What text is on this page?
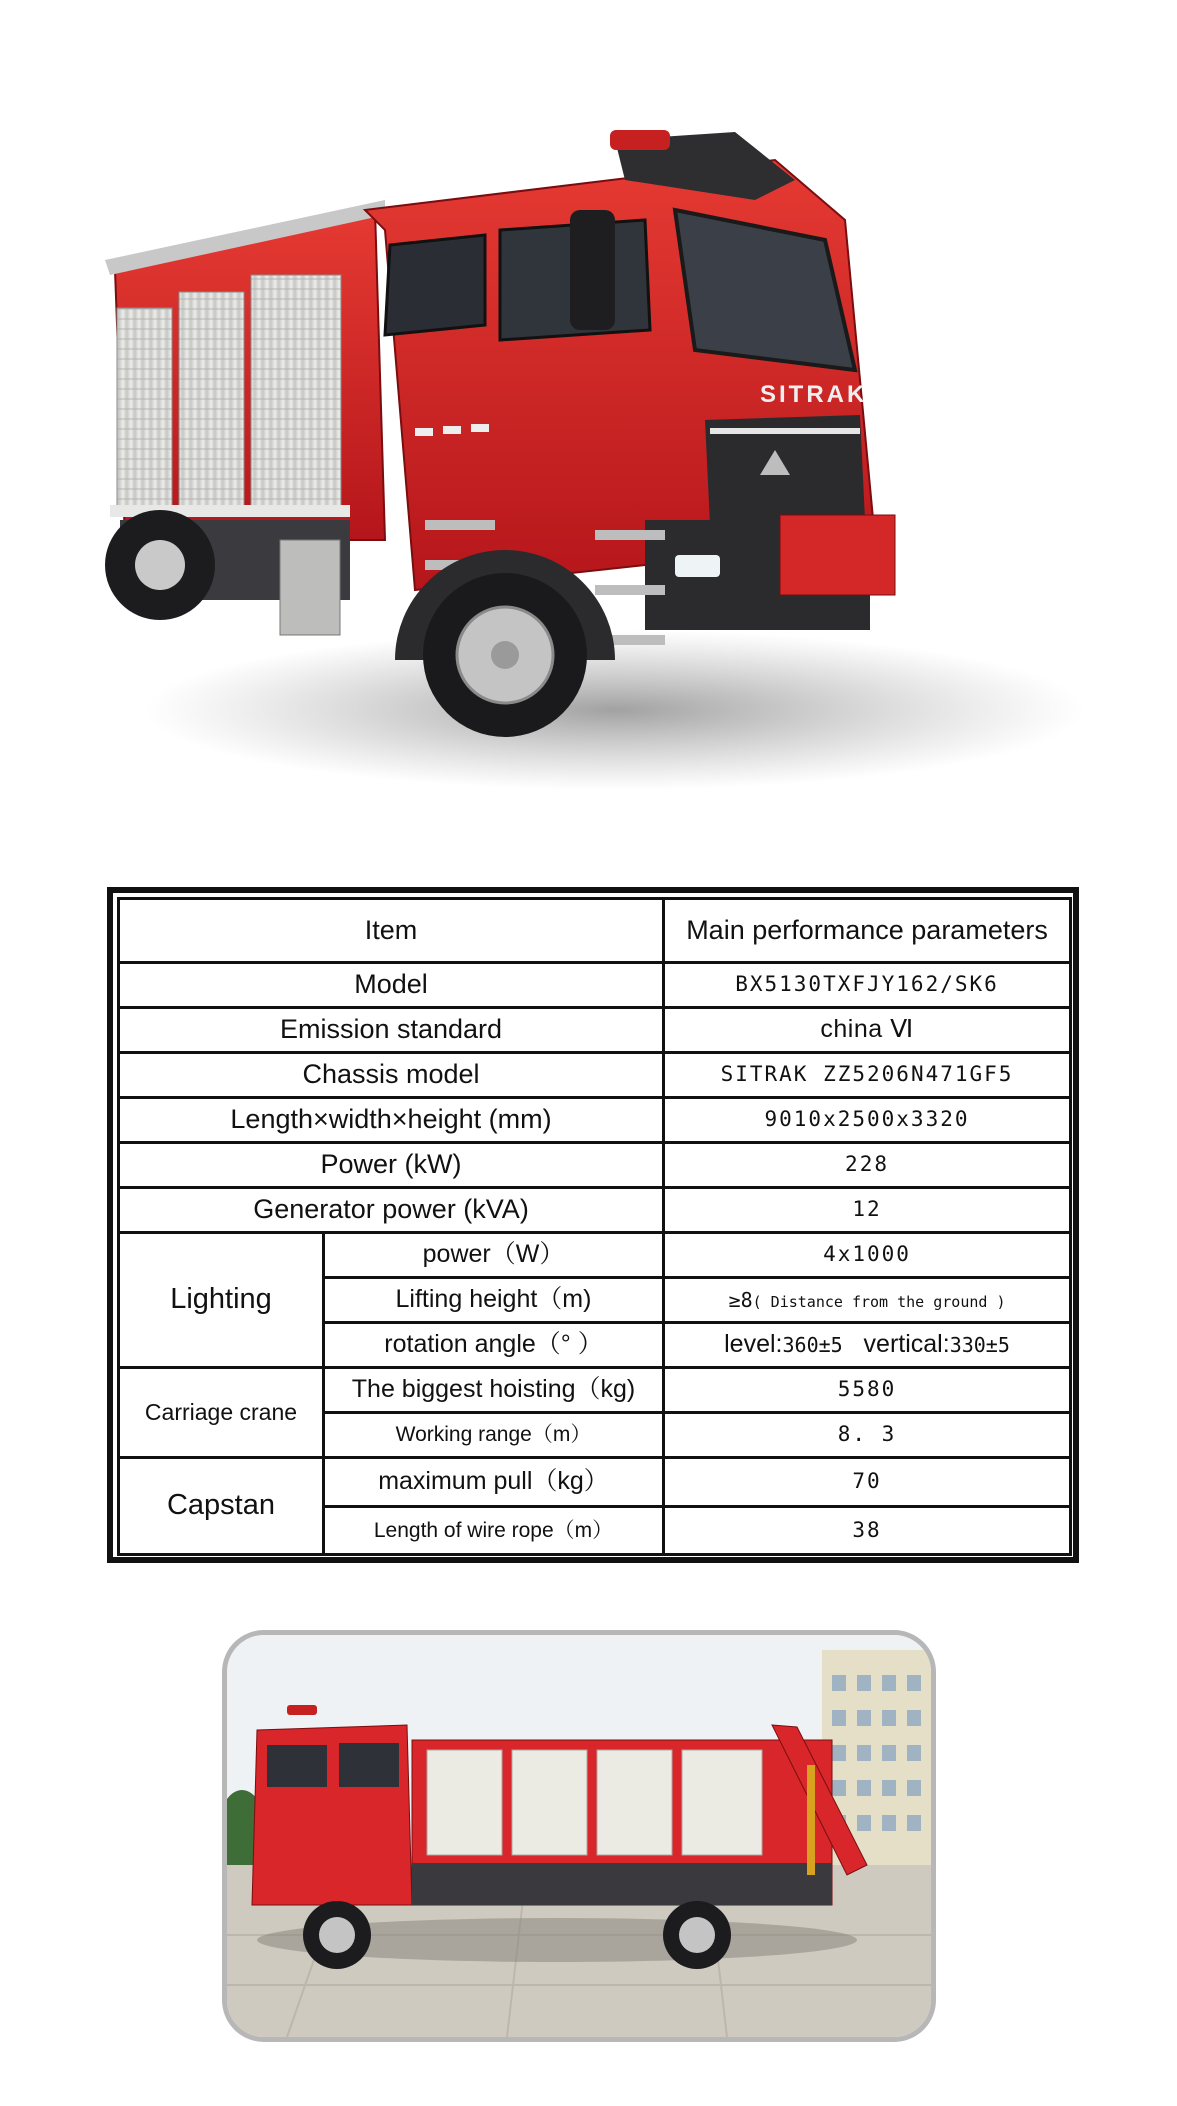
SITRAK
Item		Main performance parameters
Model		BX5130TXFJY162/SK6
Emission standard		china Ⅵ
Chassis model		SITRAK ZZ5206N471GF5
Length×width×height (mm)		9010x2500x3320
Power (kW)		228
Generator power (kVA)		12
Lighting	power（W）	4x1000
	Lifting height（m)	≥8( Distance from the ground )
	rotation angle（° ）	level:360±5 vertical:330±5
Carriage crane	The biggest hoisting（kg)	5580
	Working range（m）	8. 3
Capstan	maximum pull（kg）	70
	Length of wire rope（m）	38
